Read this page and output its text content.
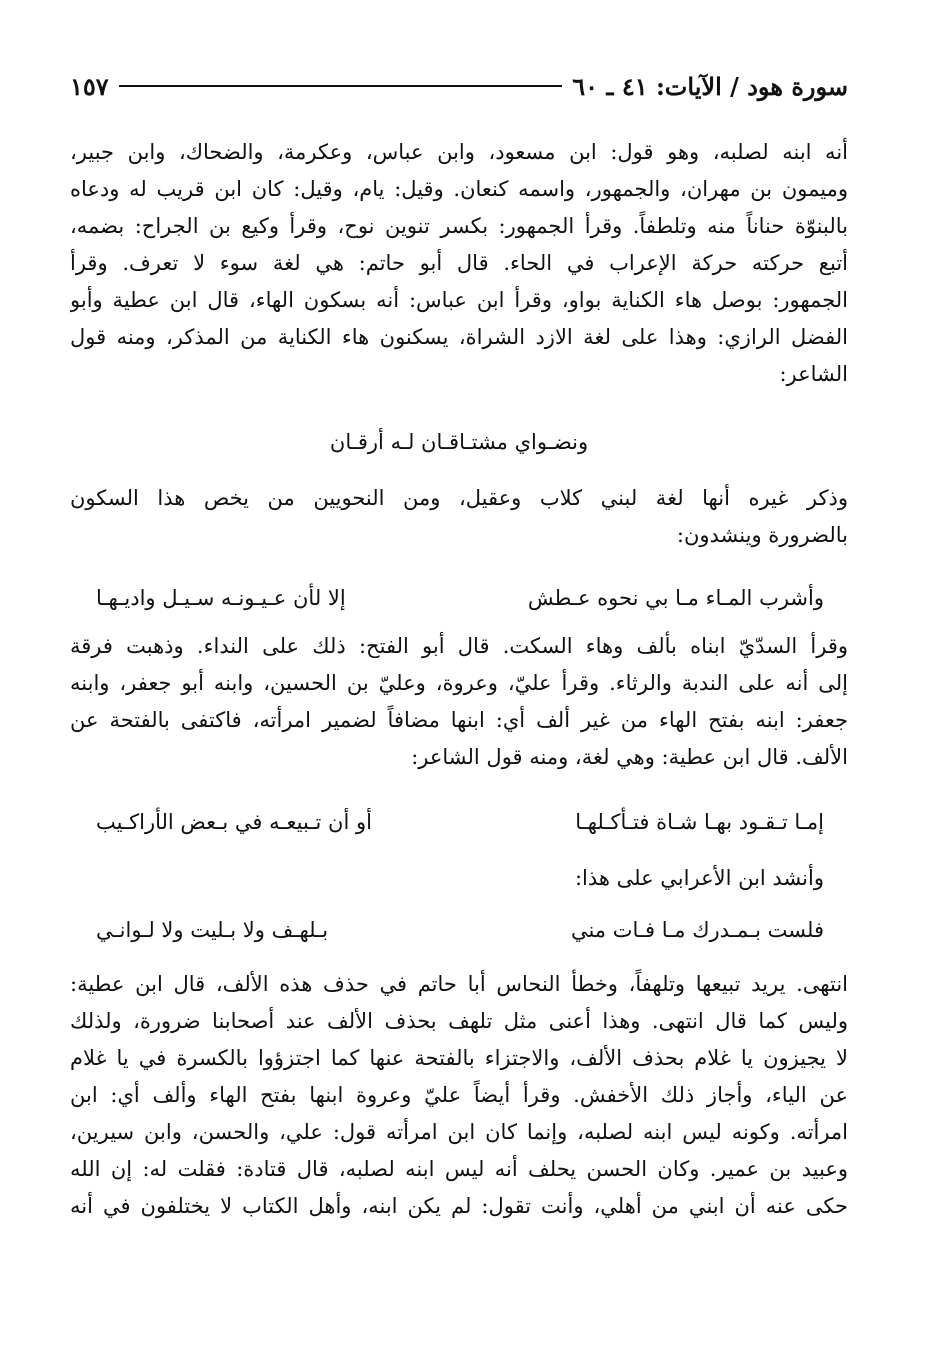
سورة هود / الآيات: ٤١ ـ ٦٠
١٥٧
أنه ابنه لصلبه، وهو قول: ابن مسعود، وابن عباس، وعكرمة، والضحاك، وابن جبير،
وميمون بن مهران، والجمهور، واسمه كنعان. وقيل: يام، وقيل: كان ابن قريب له ودعاه
بالبنوّة حناناً منه وتلطفاً. وقرأ الجمهور: بكسر تنوين نوح، وقرأ وكيع بن الجراح: بضمه،
أتبع حركته حركة الإعراب في الحاء. قال أبو حاتم: هي لغة سوء لا تعرف. وقرأ
الجمهور: بوصل هاء الكناية بواو، وقرأ ابن عباس: أنه بسكون الهاء، قال ابن عطية وأبو
الفضل الرازي: وهذا على لغة الازد الشراة، يسكنون هاء الكناية من المذكر، ومنه قول
الشاعر:
ونضـواي مشتـاقـان لـه أرقـان
وذكر غيره أنها لغة لبني كلاب وعقيل، ومن النحويين من يخص هذا السكون
بالضرورة وينشدون:
وأشرب المـاء مـا بي نحوه عـطش
إلا لأن عـيـونـه سـيـل واديـهـا
وقرأ السدّيّ ابناه بألف وهاء السكت. قال أبو الفتح: ذلك على النداء. وذهبت فرقة
إلى أنه على الندبة والرثاء. وقرأ عليّ، وعروة، وعليّ بن الحسين، وابنه أبو جعفر، وابنه
جعفر: ابنه بفتح الهاء من غير ألف أي: ابنها مضافاً لضمير امرأته، فاكتفى بالفتحة عن
الألف. قال ابن عطية: وهي لغة، ومنه قول الشاعر:
إمـا تـقـود بهـا شـاة فتـأكـلهـا
أو أن تـبيعـه في بـعض الأراكـيب
وأنشد ابن الأعرابي على هذا:
فلست بـمـدرك مـا فـات مني
بـلهـف ولا بـليت ولا لـوانـي
انتهى. يريد تبيعها وتلهفاً، وخطأ النحاس أبا حاتم في حذف هذه الألف، قال ابن عطية:
وليس كما قال انتهى. وهذا أعنى مثل تلهف بحذف الألف عند أصحابنا ضرورة، ولذلك
لا يجيزون يا غلام بحذف الألف، والاجتزاء بالفتحة عنها كما اجتزؤوا بالكسرة في يا غلام
عن الياء، وأجاز ذلك الأخفش. وقرأ أيضاً عليّ وعروة ابنها بفتح الهاء وألف أي: ابن
امرأته. وكونه ليس ابنه لصلبه، وإنما كان ابن امرأته قول: علي، والحسن، وابن سيرين،
وعبيد بن عمير. وكان الحسن يحلف أنه ليس ابنه لصلبه، قال قتادة: فقلت له: إن الله
حكى عنه أن ابني من أهلي، وأنت تقول: لم يكن ابنه، وأهل الكتاب لا يختلفون في أنه
